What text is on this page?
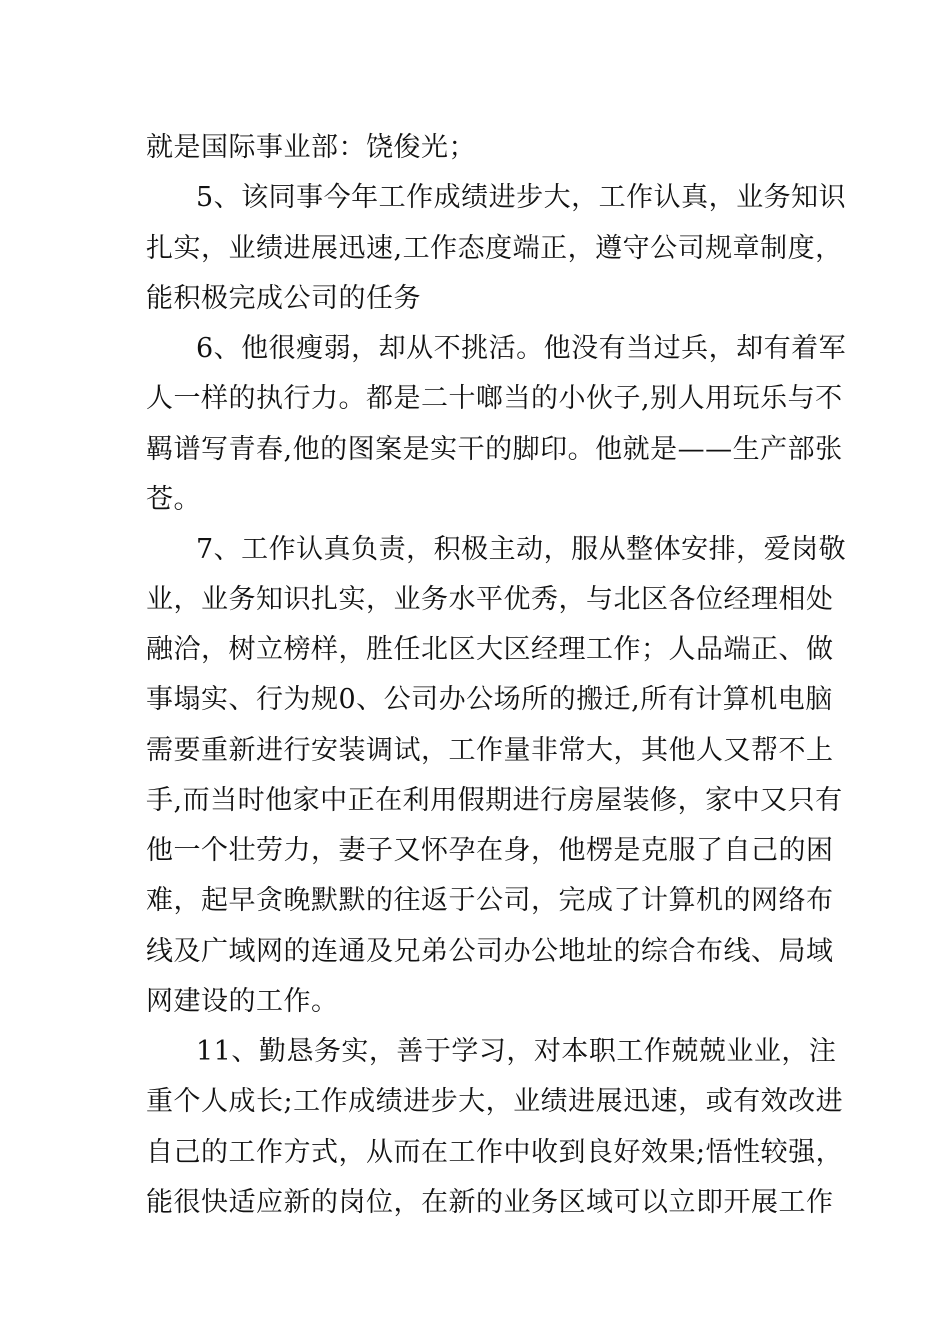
就是国际事业部：饶俊光；
5、该同事今年工作成绩进步大，工作认真，业务知识
扎实，业绩进展迅速,工作态度端正，遵守公司规章制度，
能积极完成公司的任务
6、他很瘦弱，却从不挑活。他没有当过兵，却有着军
人一样的执行力。都是二十啷当的小伙子,别人用玩乐与不
羁谱写青春,他的图案是实干的脚印。他就是——生产部张
苍。
7、工作认真负责，积极主动，服从整体安排，爱岗敬
业，业务知识扎实，业务水平优秀，与北区各位经理相处
融洽，树立榜样，胜任北区大区经理工作；人品端正、做
事塌实、行为规0、公司办公场所的搬迁,所有计算机电脑
需要重新进行安装调试，工作量非常大，其他人又帮不上
手,而当时他家中正在利用假期进行房屋装修，家中又只有
他一个壮劳力，妻子又怀孕在身，他楞是克服了自己的困
难，起早贪晚默默的往返于公司，完成了计算机的网络布
线及广域网的连通及兄弟公司办公地址的综合布线、局域
网建设的工作。
11、勤恳务实，善于学习，对本职工作兢兢业业，注
重个人成长;工作成绩进步大，业绩进展迅速，或有效改进
自己的工作方式，从而在工作中收到良好效果;悟性较强，
能很快适应新的岗位，在新的业务区域可以立即开展工作
